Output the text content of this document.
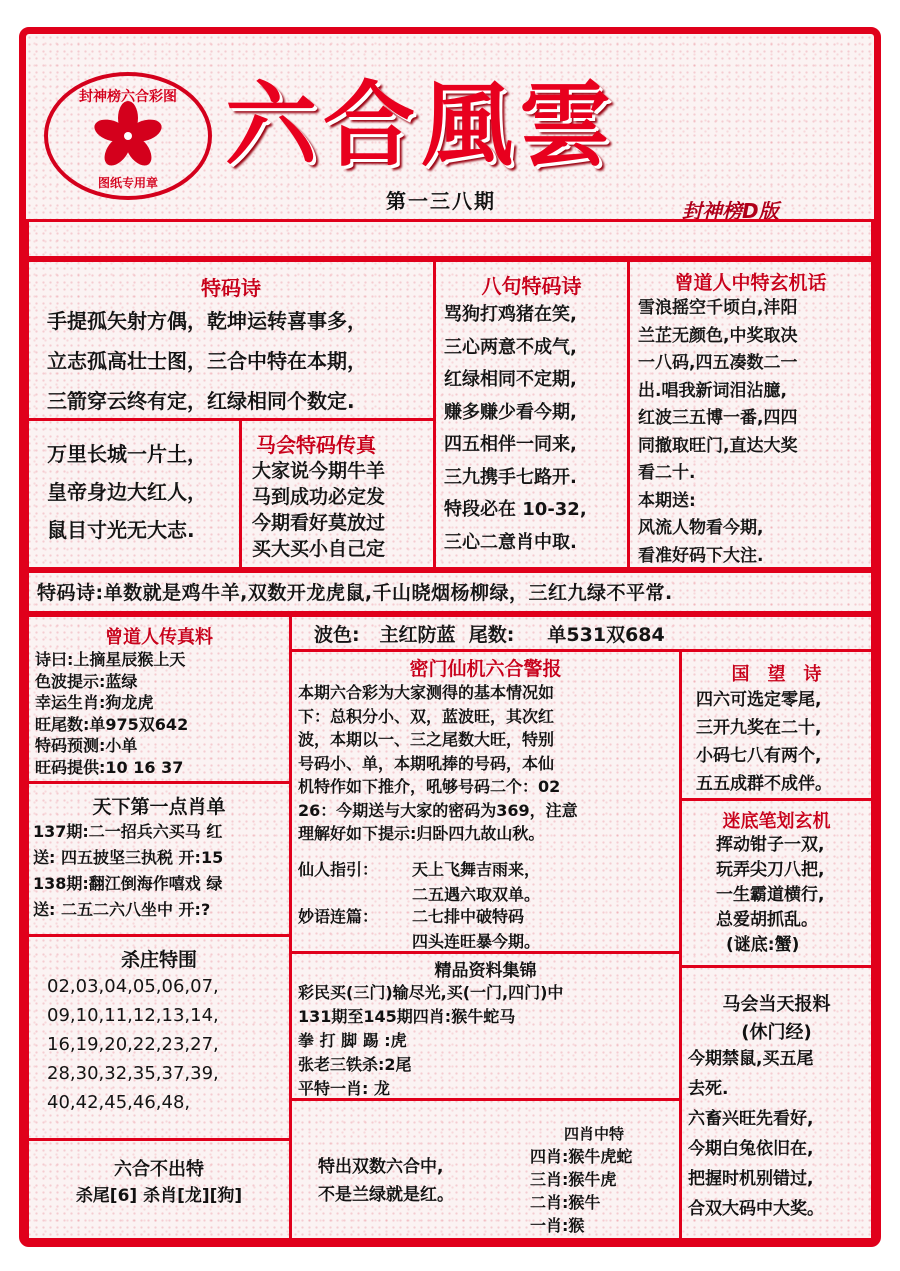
封神榜六合彩图
图纸专用章
六合風雲
第一三八期	封神榜D版
特码诗
手提孤矢射方偶，乾坤运转喜事多，
立志孤高壮士图，三合中特在本期，
三箭穿云终有定，红绿相同个数定.
万里长城一片土，
皇帝身边大红人，
鼠目寸光无大志.
马会特码传真
大家说今期牛羊
马到成功必定发
今期看好莫放过
买大买小自己定
八句特码诗
骂狗打鸡猪在笑,
三心两意不成气,
红绿相同不定期,
赚多赚少看今期,
四五相伴一同来,
三九携手七路开.
特段必在 10-32,
三心二意肖中取.
曾道人中特玄机话
雪浪摇空千顷白,沣阳
兰芷无颜色,中奖取决
一八码,四五凑数二一
出.唱我新词泪沾臆,
红波三五博一番,四四
同撤取旺门,直达大奖
看二十.
本期送:
风流人物看今期,
看准好码下大注.
特码诗:单数就是鸡牛羊,双数开龙虎鼠,千山晓烟杨柳绿，三红九绿不平常.
曾道人传真料
诗曰:上摘星辰猴上天
色波提示:蓝绿
幸运生肖:狗龙虎
旺尾数:单975双642
特码预测:小单
旺码提供:10 16 37
波色: 主红防蓝 尾数: 单531双684
密门仙机六合警报
本期六合彩为大家测得的基本情况如
下：总积分小、双，蓝波旺，其次红
波，本期以一、三之尾数大旺，特别
号码小、单，本期吼捧的号码，本仙
机特作如下推介，吼够号码二个：02
26：今期送与大家的密码为369，注意
理解好如下提示:归卧四九故山秋。
仙人指引： 天上飞舞吉雨来，
二五遇六取双单。
妙语连篇： 二七排中破特码
四头连旺暴今期。
国　望　诗
四六可选定零尾,
三开九奖在二十,
小码七八有两个,
五五成群不成伴。
迷底笔划玄机
挥动钳子一双,
玩弄尖刀八把,
一生霸道横行,
总爱胡抓乱。
(谜底:蟹)
天下第一点肖单
137期:二一招兵六买马 红
送: 四五披坚三执税 开:15
138期:翻江倒海作嘻戏 绿
送: 二五二六八坐中 开:?
杀庄特围
02,03,04,05,06,07,
09,10,11,12,13,14,
16,19,20,22,23,27,
28,30,32,35,37,39,
40,42,45,46,48,
精品资料集锦
彩民买(三门)输尽光,买(一门,四门)中
131期至145期四肖:猴牛蛇马
拳 打 脚 踢 :虎
张老三铁杀:2尾
平特一肖: 龙
马会当天报料
(休门经)
今期禁鼠,买五尾
去死.
六畜兴旺先看好,
今期白兔依旧在,
把握时机别错过,
合双大码中大奖。
六合不出特
杀尾[6] 杀肖[龙][狗]
特出双数六合中,
不是兰绿就是红。
四肖中特
四肖:猴牛虎蛇
三肖:猴牛虎
二肖:猴牛
一肖:猴
